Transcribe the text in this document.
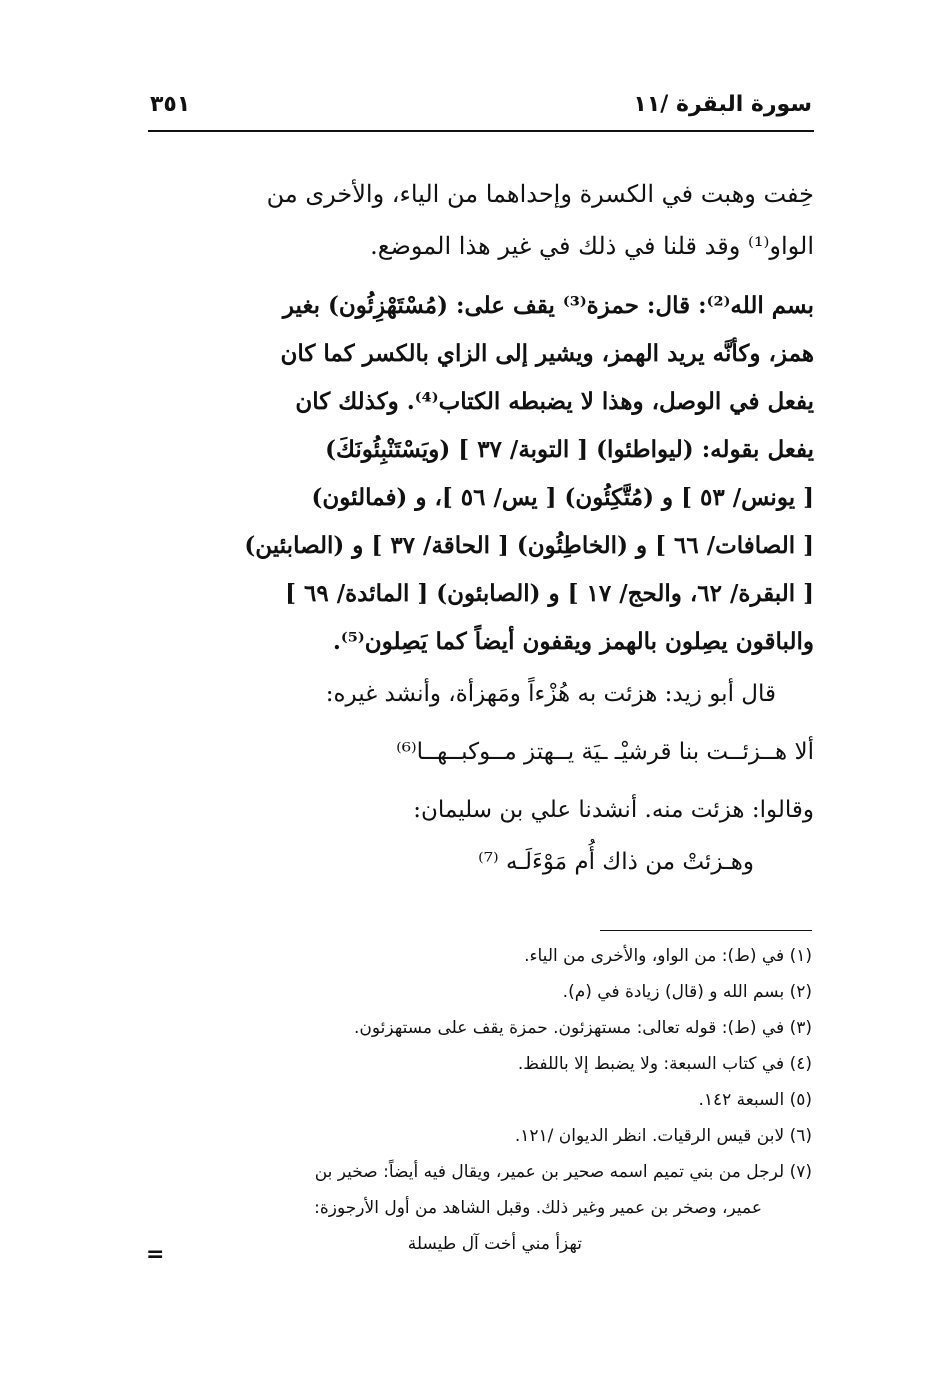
سورة البقرة /١١
٣٥١
خِفت وهبت في الكسرة وإحداهما من الياء، والأخرى من
الواو⁽¹⁾ وقد قلنا في ذلك في غير هذا الموضع.
بسم الله⁽²⁾: قال: حمزة⁽³⁾ يقف على: (مُسْتَهْزِئُون) بغير
همز، وكأنَّه يريد الهمز، ويشير إلى الزاي بالكسر كما كان
يفعل في الوصل، وهذا لا يضبطه الكتاب⁽⁴⁾. وكذلك كان
يفعل بقوله: (ليواطئوا) [ التوبة/ ٣٧ ] (ويَسْتَنْبِئُونَكَ)
[ يونس/ ٥٣ ] و (مُتَّكِئُون) [ يس/ ٥٦ ]، و (فمالئون)
[ الصافات/ ٦٦ ] و (الخاطِئُون) [ الحاقة/ ٣٧ ] و (الصابئين)
[ البقرة/ ٦٢، والحج/ ١٧ ] و (الصابئون) [ المائدة/ ٦٩ ]
والباقون يصِلون بالهمز ويقفون أيضاً كما يَصِلون⁽⁵⁾.
قال أبو زيد: هزئت به هُزْءاً ومَهزأة، وأنشد غيره:
ألا هــزئــت بنا قرشيْـ ـيَة يــهتز مــوكبــهــا⁽⁶⁾
وقالوا: هزئت منه. أنشدنا علي بن سليمان:
وهـزئتْ من ذاك أُم مَوْءَلَـه ⁽⁷⁾
(١) في (ط): من الواو، والأخرى من الياء.
(٢) بسم الله و (قال) زيادة في (م).
(٣) في (ط): قوله تعالى: مستهزئون. حمزة يقف على مستهزئون.
(٤) في كتاب السبعة: ولا يضبط إلا باللفظ.
(٥) السبعة ١٤٢.
(٦) لابن قيس الرقيات. انظر الديوان /١٢١.
(٧) لرجل من بني تميم اسمه صحير بن عمير، ويقال فيه أيضاً: صخير بن
عمير، وصخر بن عمير وغير ذلك. وقبل الشاهد من أول الأرجوزة:
تهزأ مني أخت آل طيسلة
=
